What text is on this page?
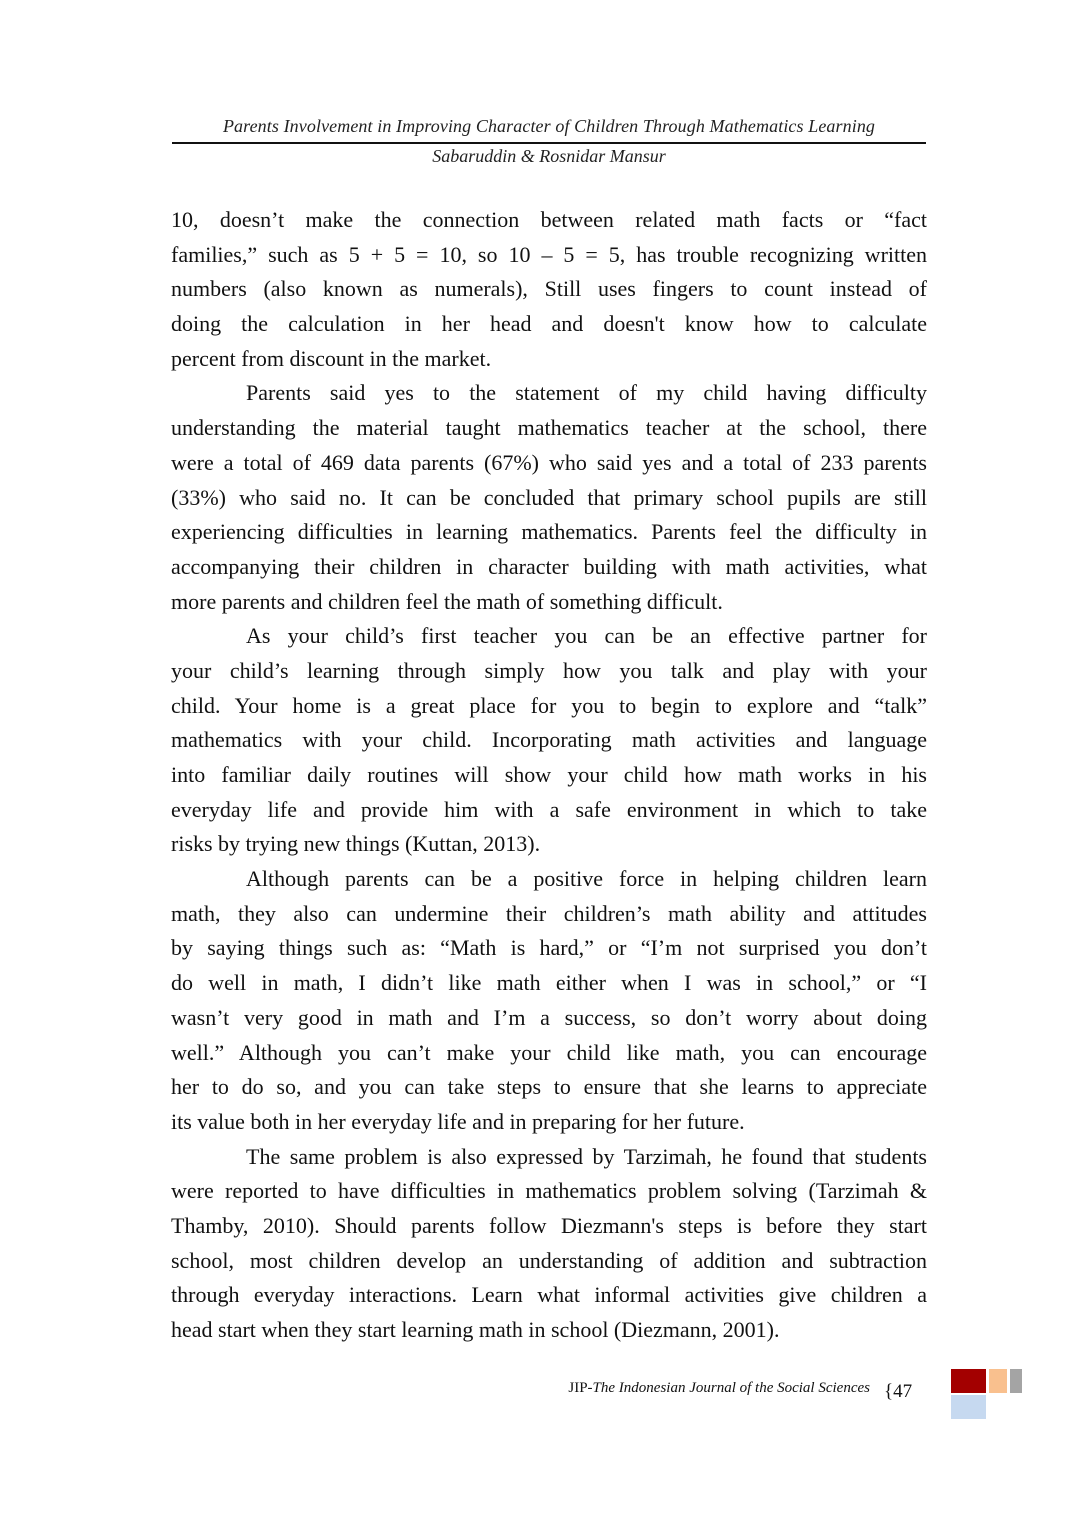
Parents Involvement in Improving Character of Children Through Mathematics Learning
Sabaruddin & Rosnidar Mansur
10, doesn’t make the connection between related math facts or “fact
families,” such as 5 + 5 = 10, so 10 – 5 = 5, has trouble recognizing written
numbers (also known as numerals), Still uses fingers to count instead of
doing the calculation in her head and doesn't know how to calculate
percent from discount in the market.
Parents said yes to the statement of my child having difficulty
understanding the material taught mathematics teacher at the school, there
were a total of 469 data parents (67%) who said yes and a total of 233 parents
(33%) who said no. It can be concluded that primary school pupils are still
experiencing difficulties in learning mathematics. Parents feel the difficulty in
accompanying their children in character building with math activities, what
more parents and children feel the math of something difficult.
As your child’s first teacher you can be an effective partner for
your child’s learning through simply how you talk and play with your
child. Your home is a great place for you to begin to explore and “talk”
mathematics with your child. Incorporating math activities and language
into familiar daily routines will show your child how math works in his
everyday life and provide him with a safe environment in which to take
risks by trying new things (Kuttan, 2013).
Although parents can be a positive force in helping children learn
math, they also can undermine their children’s math ability and attitudes
by saying things such as: “Math is hard,” or “I’m not surprised you don’t
do well in math, I didn’t like math either when I was in school,” or “I
wasn’t very good in math and I’m a success, so don’t worry about doing
well.” Although you can’t make your child like math, you can encourage
her to do so, and you can take steps to ensure that she learns to appreciate
its value both in her everyday life and in preparing for her future.
The same problem is also expressed by Tarzimah, he found that students
were reported to have difficulties in mathematics problem solving (Tarzimah &
Thamby, 2010). Should parents follow Diezmann's steps is before they start
school, most children develop an understanding of addition and subtraction
through everyday interactions. Learn what informal activities give children a
head start when they start learning math in school (Diezmann, 2001).
JIP-The Indonesian Journal of the Social Sciences {47
